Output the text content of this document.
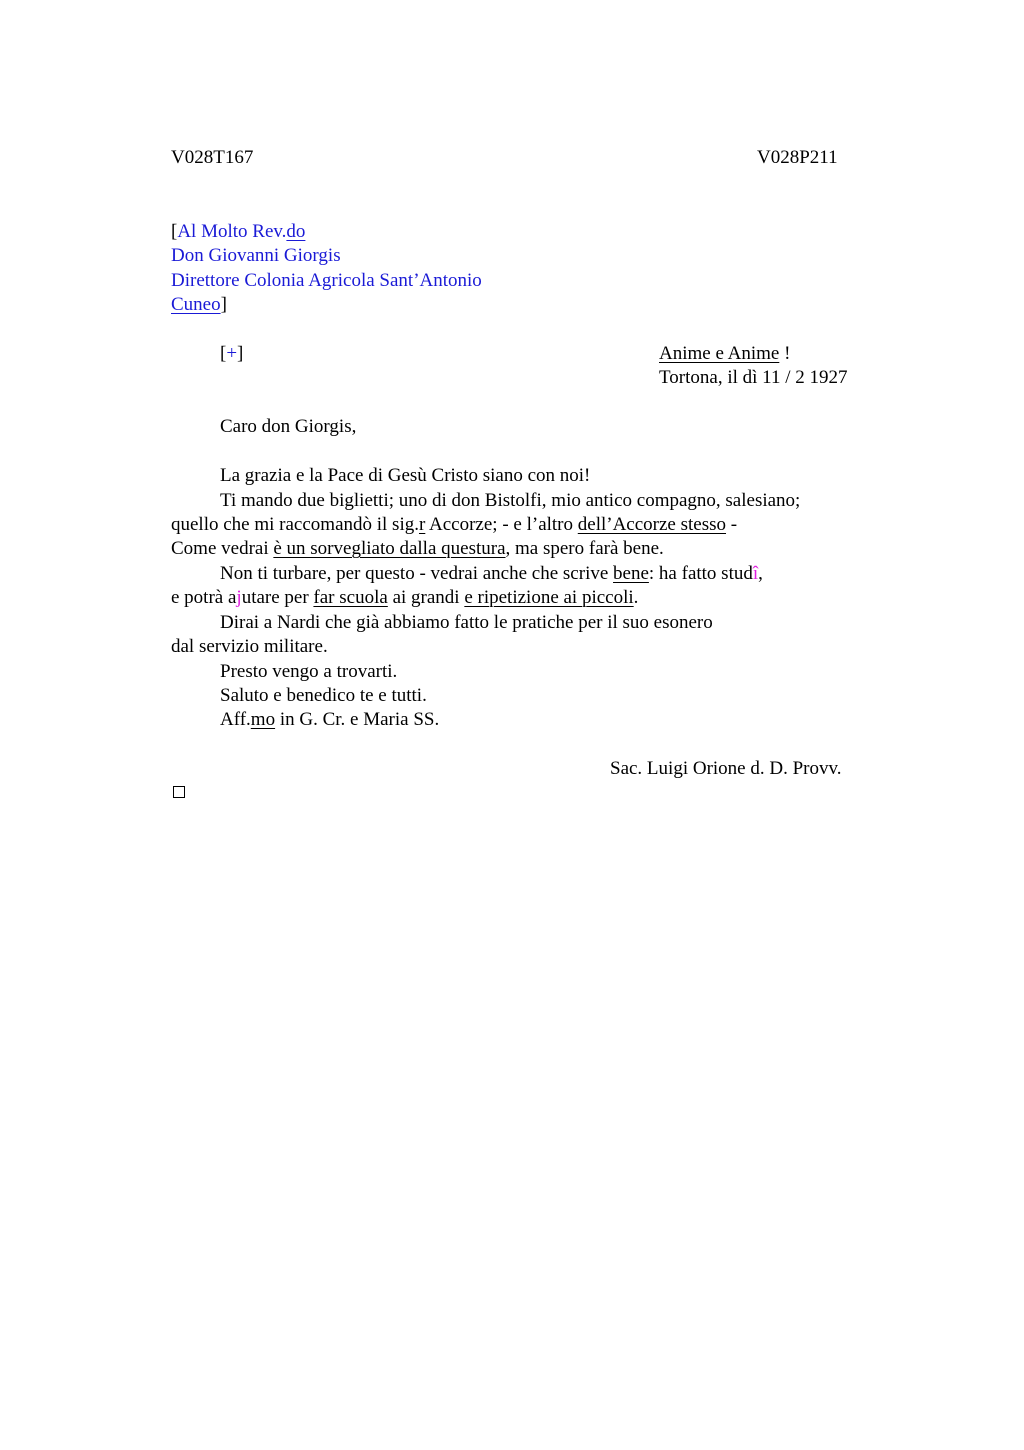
V028T167	V028P211
[Al Molto Rev.do
Don Giovanni Giorgis
Direttore Colonia Agricola Sant’Antonio
Cuneo]
[+]	Anime e Anime !
Tortona, il dì 11 / 2 1927
Caro don Giorgis,
La grazia e la Pace di Gesù Cristo siano con noi!
Ti mando due biglietti; uno di don Bistolfi, mio antico compagno, salesiano;
quello che mi raccomandò il sig.r Accorze; - e l’altro dell’Accorze stesso -
Come vedrai è un sorvegliato dalla questura, ma spero farà bene.
Non ti turbare, per questo - vedrai anche che scrive bene: ha fatto studî,
e potrà ajutare per far scuola ai grandi e ripetizione ai piccoli.
Dirai a Nardi che già abbiamo fatto le pratiche per il suo esonero
dal servizio militare.
Presto vengo a trovarti.
Saluto e benedico te e tutti.
Aff.mo in G. Cr. e Maria SS.
Sac. Luigi Orione d. D. Provv.
